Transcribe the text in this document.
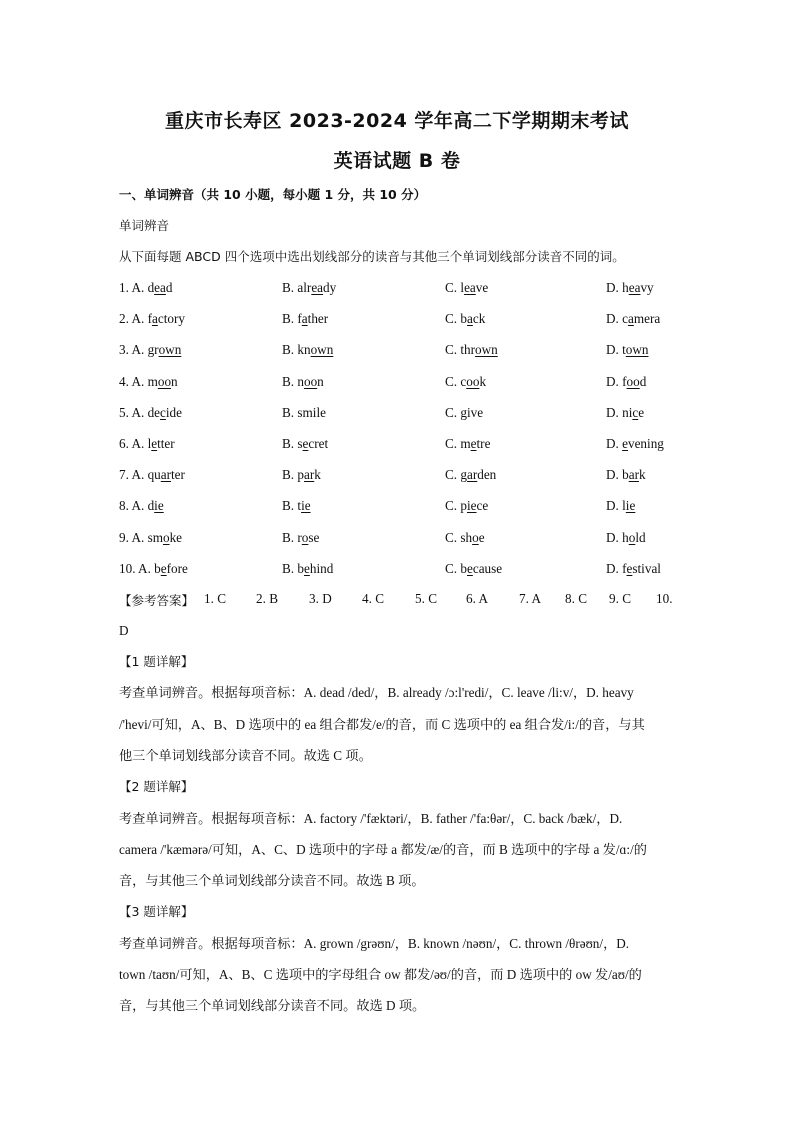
重庆市长寿区 2023-2024 学年高二下学期期末考试
英语试题 B 卷
一、单词辨音（共 10 小题，每小题 1 分，共 10 分）
单词辨音
从下面每题 ABCD 四个选项中选出划线部分的读音与其他三个单词划线部分读音不同的词。
1. A. dead	B. already	C. leave	D. heavy
2. A. factory	B. father	C. back	D. camera
3. A. grown	B. known	C. thrown	D. town
4. A. moon	B. noon	C. cook	D. food
5. A. decide	B. smile	C. give	D. nice
6. A. letter	B. secret	C. metre	D. evening
7. A. quarter	B. park	C. garden	D. bark
8. A. die	B. tie	C. piece	D. lie
9. A. smoke	B. rose	C. shoe	D. hold
10. A. before	B. behind	C. because	D. festival
【参考答案】 1. C 2. B 3. D 4. C 5. C 6. A 7. A 8. C 9. C 10.
D
【1 题详解】
考查单词辨音。根据每项音标：A. dead /ded/，B. already /ɔ:l'redi/，C. leave /li:v/，D. heavy
/'hevi/可知，A、B、D 选项中的 ea 组合都发/e/的音，而 C 选项中的 ea 组合发/i:/的音，与其
他三个单词划线部分读音不同。故选 C 项。
【2 题详解】
考查单词辨音。根据每项音标：A. factory /'fæktəri/，B. father /'fa:θər/，C. back /bæk/，D.
camera /'kæmərə/可知，A、C、D 选项中的字母 a 都发/æ/的音，而 B 选项中的字母 a 发/ɑ:/的
音，与其他三个单词划线部分读音不同。故选 B 项。
【3 题详解】
考查单词辨音。根据每项音标：A. grown /grəʊn/，B. known /nəʊn/，C. thrown /θrəʊn/，D.
town /taʊn/可知，A、B、C 选项中的字母组合 ow 都发/əʊ/的音，而 D 选项中的 ow 发/aʊ/的
音，与其他三个单词划线部分读音不同。故选 D 项。
